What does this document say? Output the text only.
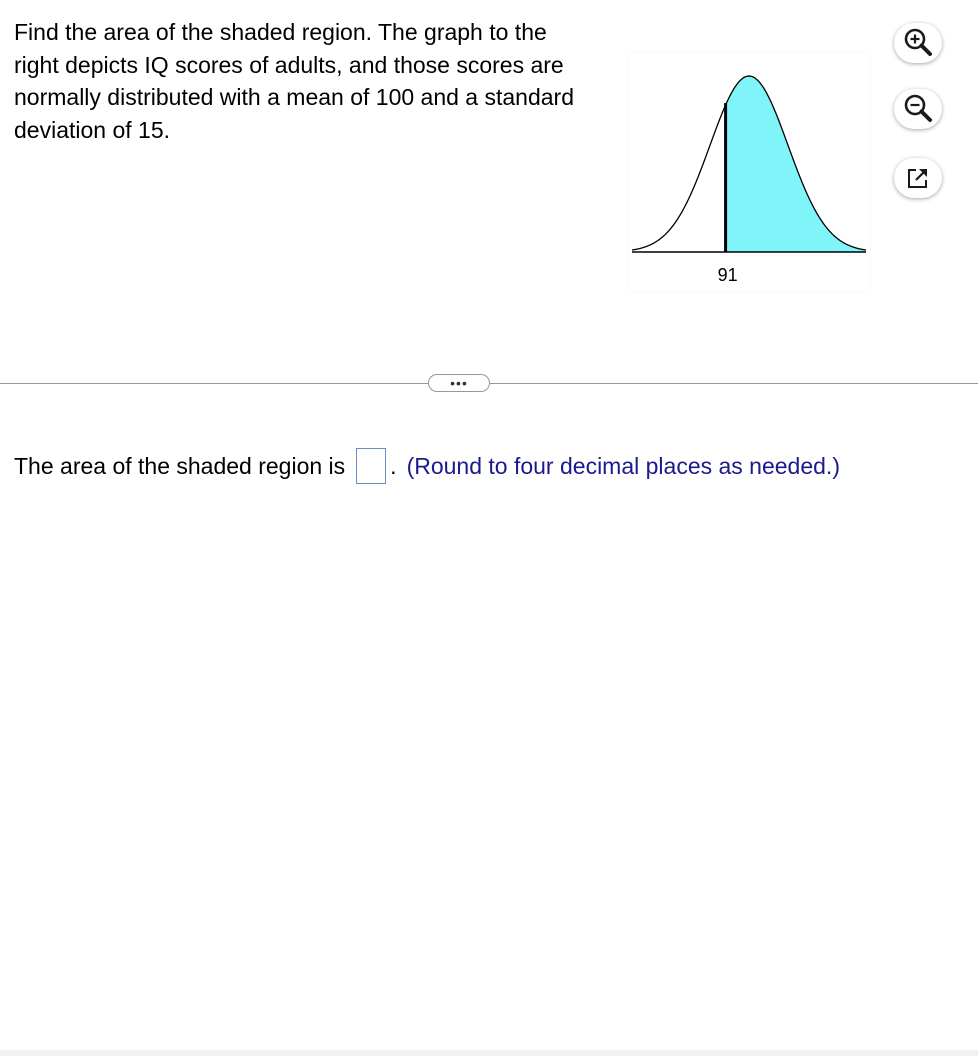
Find the area of the shaded region. The graph to the right depicts IQ scores of adults, and those scores are normally distributed with a mean of 100 and a standard deviation of 15.
91
•••
The area of the shaded region is . (Round to four decimal places as needed.)
